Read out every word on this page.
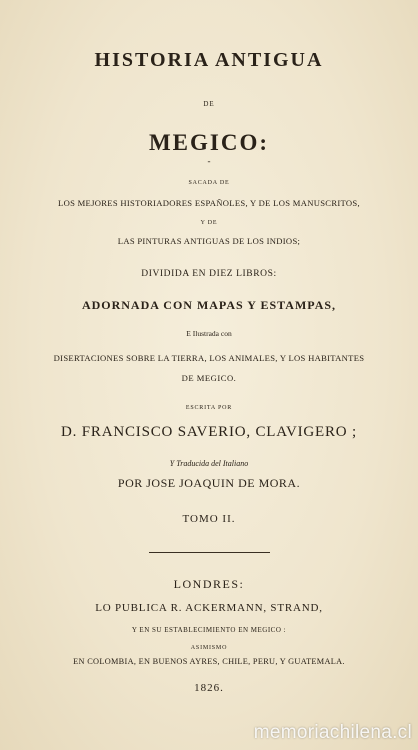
HISTORIA ANTIGUA
DE
MEGICO:
-
SACADA DE
LOS MEJORES HISTORIADORES ESPAÑOLES, Y DE LOS MANUSCRITOS,
Y DE
LAS PINTURAS ANTIGUAS DE LOS INDIOS;
DIVIDIDA EN DIEZ LIBROS:
ADORNADA CON MAPAS Y ESTAMPAS,
E Ilustrada con
DISERTACIONES SOBRE LA TIERRA, LOS ANIMALES, Y LOS HABITANTES
DE MEGICO.
ESCRITA POR
D. FRANCISCO SAVERIO, CLAVIGERO ;
Y Traducida del Italiano
POR JOSE JOAQUIN DE MORA.
TOMO II.
LONDRES:
LO PUBLICA R. ACKERMANN, STRAND,
Y EN SU ESTABLECIMIENTO EN MEGICO :
ASIMISMO
EN COLOMBIA, EN BUENOS AYRES, CHILE, PERU, Y GUATEMALA.
1826.
memoriachilena.cl
